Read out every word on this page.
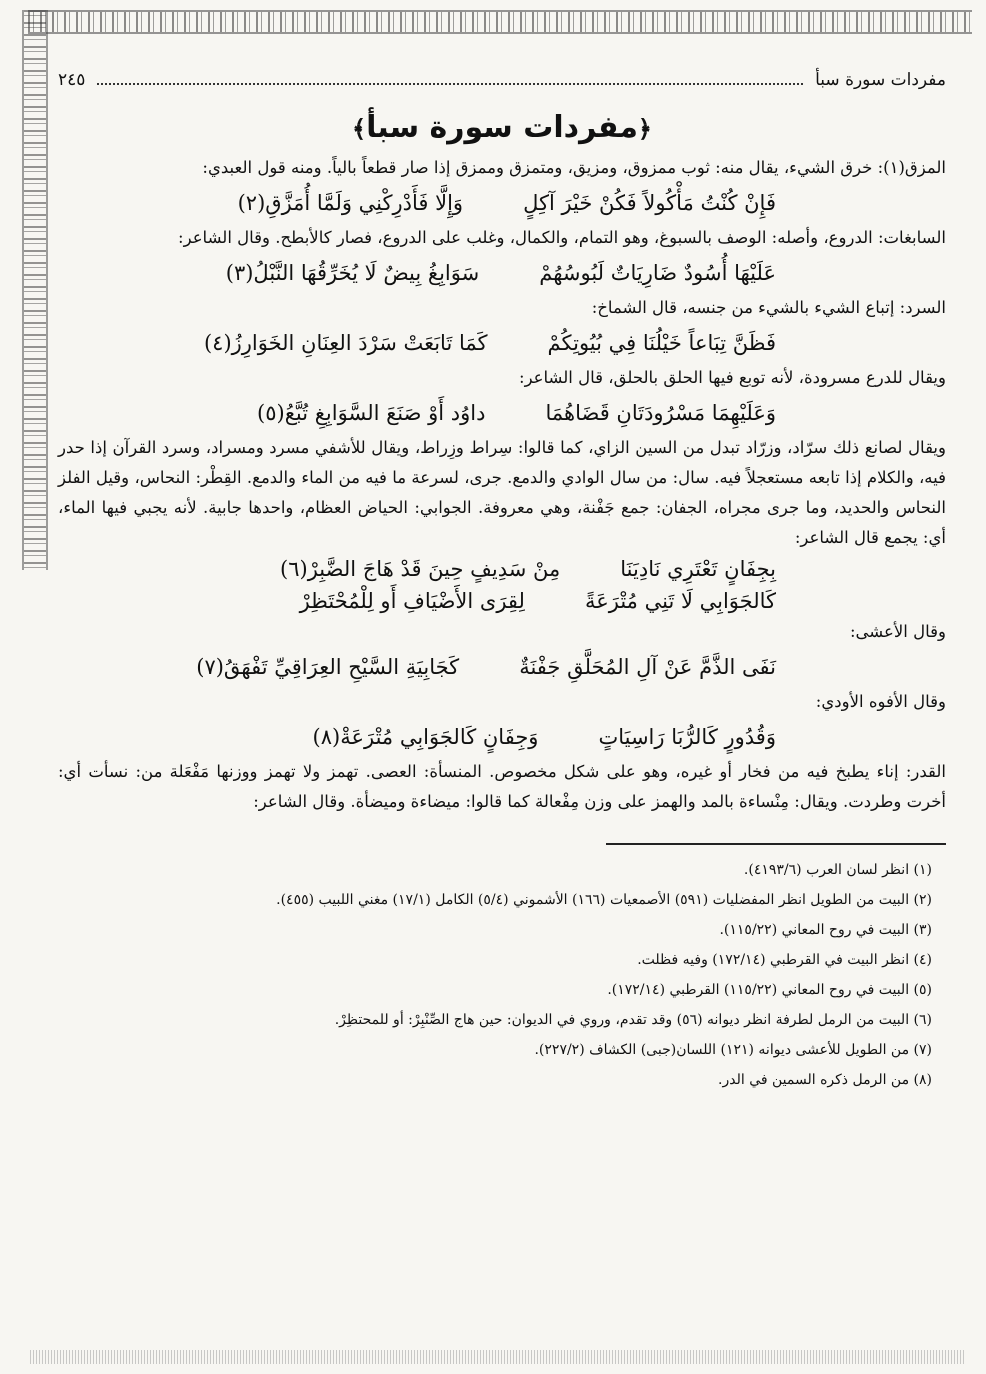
مفردات سورة سبأ
٢٤٥
﴿مفردات سورة سبأ﴾

المزق(١): خرق الشيء، يقال منه: ثوب ممزوق، ومزيق، ومتمزق وممزق إذا صار قطعاً بالياً. ومنه قول العبدي:

فَإِنْ كُنْتُ مَأْكُولاً فَكُنْ خَيْرَ آكِلٍ
وَإِلَّا فَأَدْرِكْنِي وَلَمَّا أُمَزَّقِ(٢)

السابغات: الدروع، وأصله: الوصف بالسبوغ، وهو التمام، والكمال، وغلب على الدروع، فصار كالأبطح. وقال الشاعر:

عَلَيْهَا أُسُودٌ ضَارِيَاتٌ لَبُوسُهُمْ
سَوَابِغُ بِيضٌ لَا يُخَرِّقُهَا النَّبْلُ(٣)

السرد: إتباع الشيء بالشيء من جنسه، قال الشماخ:

فَظَنَّ تِبَاعاً خَيْلُنَا فِي بُيُوتِكُمْ
كَمَا تَابَعَتْ سَرْدَ العِنَانِ الخَوَارِزُ(٤)

ويقال للدرع مسرودة، لأنه توبع فيها الحلق بالحلق، قال الشاعر:

وَعَلَيْهِمَا مَسْرُودَتَانِ قَضَاهُمَا
داوُد أَوْ صَنَعَ السَّوَابِغِ تُبَّعُ(٥)

ويقال لصانع ذلك سرّاد، وزرّاد تبدل من السين الزاي، كما قالوا: سِراط وزِراط، ويقال للأشفي مسرد ومسراد، وسرد القرآن إذا حدر فيه، والكلام إذا تابعه مستعجلاً فيه. سال: من سال الوادي والدمع. جرى، لسرعة ما فيه من الماء والدمع. القِطْر: النحاس، وقيل الفلز النحاس والحديد، وما جرى مجراه، الجفان: جمع جَفْنة، وهي معروفة. الجوابي: الحياض العظام، واحدها جابية. لأنه يجبي فيها الماء، أي: يجمع قال الشاعر:

بِجِفَانٍ تَعْتَرِي نَادِيَنَا
مِنْ سَدِيفٍ حِينَ قَدْ هَاجَ الضَّبِرْ(٦)
كَالجَوَابِي لَا تَنِي مُتْرَعَةً
لِقِرَى الأَضْيَافِ أَو لِلْمُحْتَظِرْ

وقال الأعشى:

نَفَى الذَّمَّ عَنْ آلِ المُحَلَّقِ جَفْنَةٌ
كَجَابِيَةِ السَّيْحِ العِرَاقِيِّ تَفْهَقُ(٧)

وقال الأفوه الأودي:

وَقُدُورٍ كَالرُّبَا رَاسِيَاتٍ
وَجِفَانٍ كَالجَوَابِي مُتْرَعَةْ(٨)

القدر: إناء يطبخ فيه من فخار أو غيره، وهو على شكل مخصوص. المنسأة: العصى. تهمز ولا تهمز ووزنها مَفْعَلة من: نسأت أي: أخرت وطردت. ويقال: مِنْساءة بالمد والهمز على وزن مِفْعالة كما قالوا: ميضاءة وميضأة. وقال الشاعر:

(١) انظر لسان العرب (٤١٩٣/٦).
(٢) البيت من الطويل انظر المفضليات (٥٩١) الأصمعيات (١٦٦) الأشموني (٥/٤) الكامل (١٧/١) مغني اللبيب (٤٥٥).
(٣) البيت في روح المعاني (١١٥/٢٢).
(٤) انظر البيت في القرطبي (١٧٢/١٤) وفيه فظلت.
(٥) البيت في روح المعاني (١١٥/٢٢) القرطبي (١٧٢/١٤).
(٦) البيت من الرمل لطرفة انظر ديوانه (٥٦) وقد تقدم، وروي في الديوان: حين هاج الصِّنْبِرْ: أو للمحتظِرْ.
(٧) من الطويل للأعشى ديوانه (١٢١) اللسان(جبى) الكشاف (٢٢٧/٢).
(٨) من الرمل ذكره السمين في الدر.
